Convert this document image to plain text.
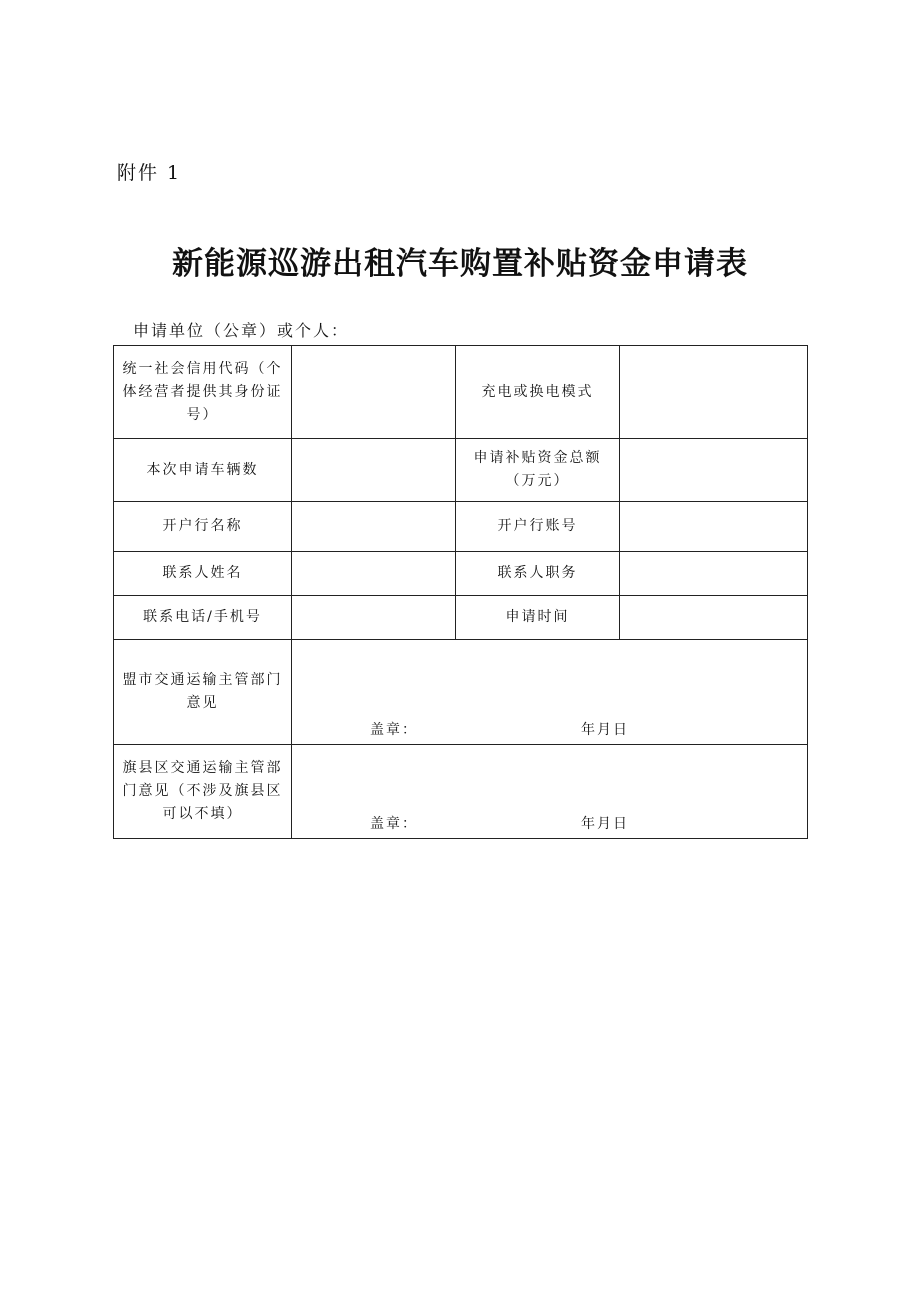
附件 1
新能源巡游出租汽车购置补贴资金申请表
申请单位（公章）或个人：
统一社会信用代码（个体经营者提供其身份证号）		充电或换电模式	
本次申请车辆数		申请补贴资金总额（万元）	
开户行名称		开户行账号	
联系人姓名		联系人职务	
联系电话/手机号		申请时间	
盟市交通运输主管部门意见	盖章： 年月日		

旗县区交通运输主管部门意见（不涉及旗县区可以不填）	盖章： 年月日		
